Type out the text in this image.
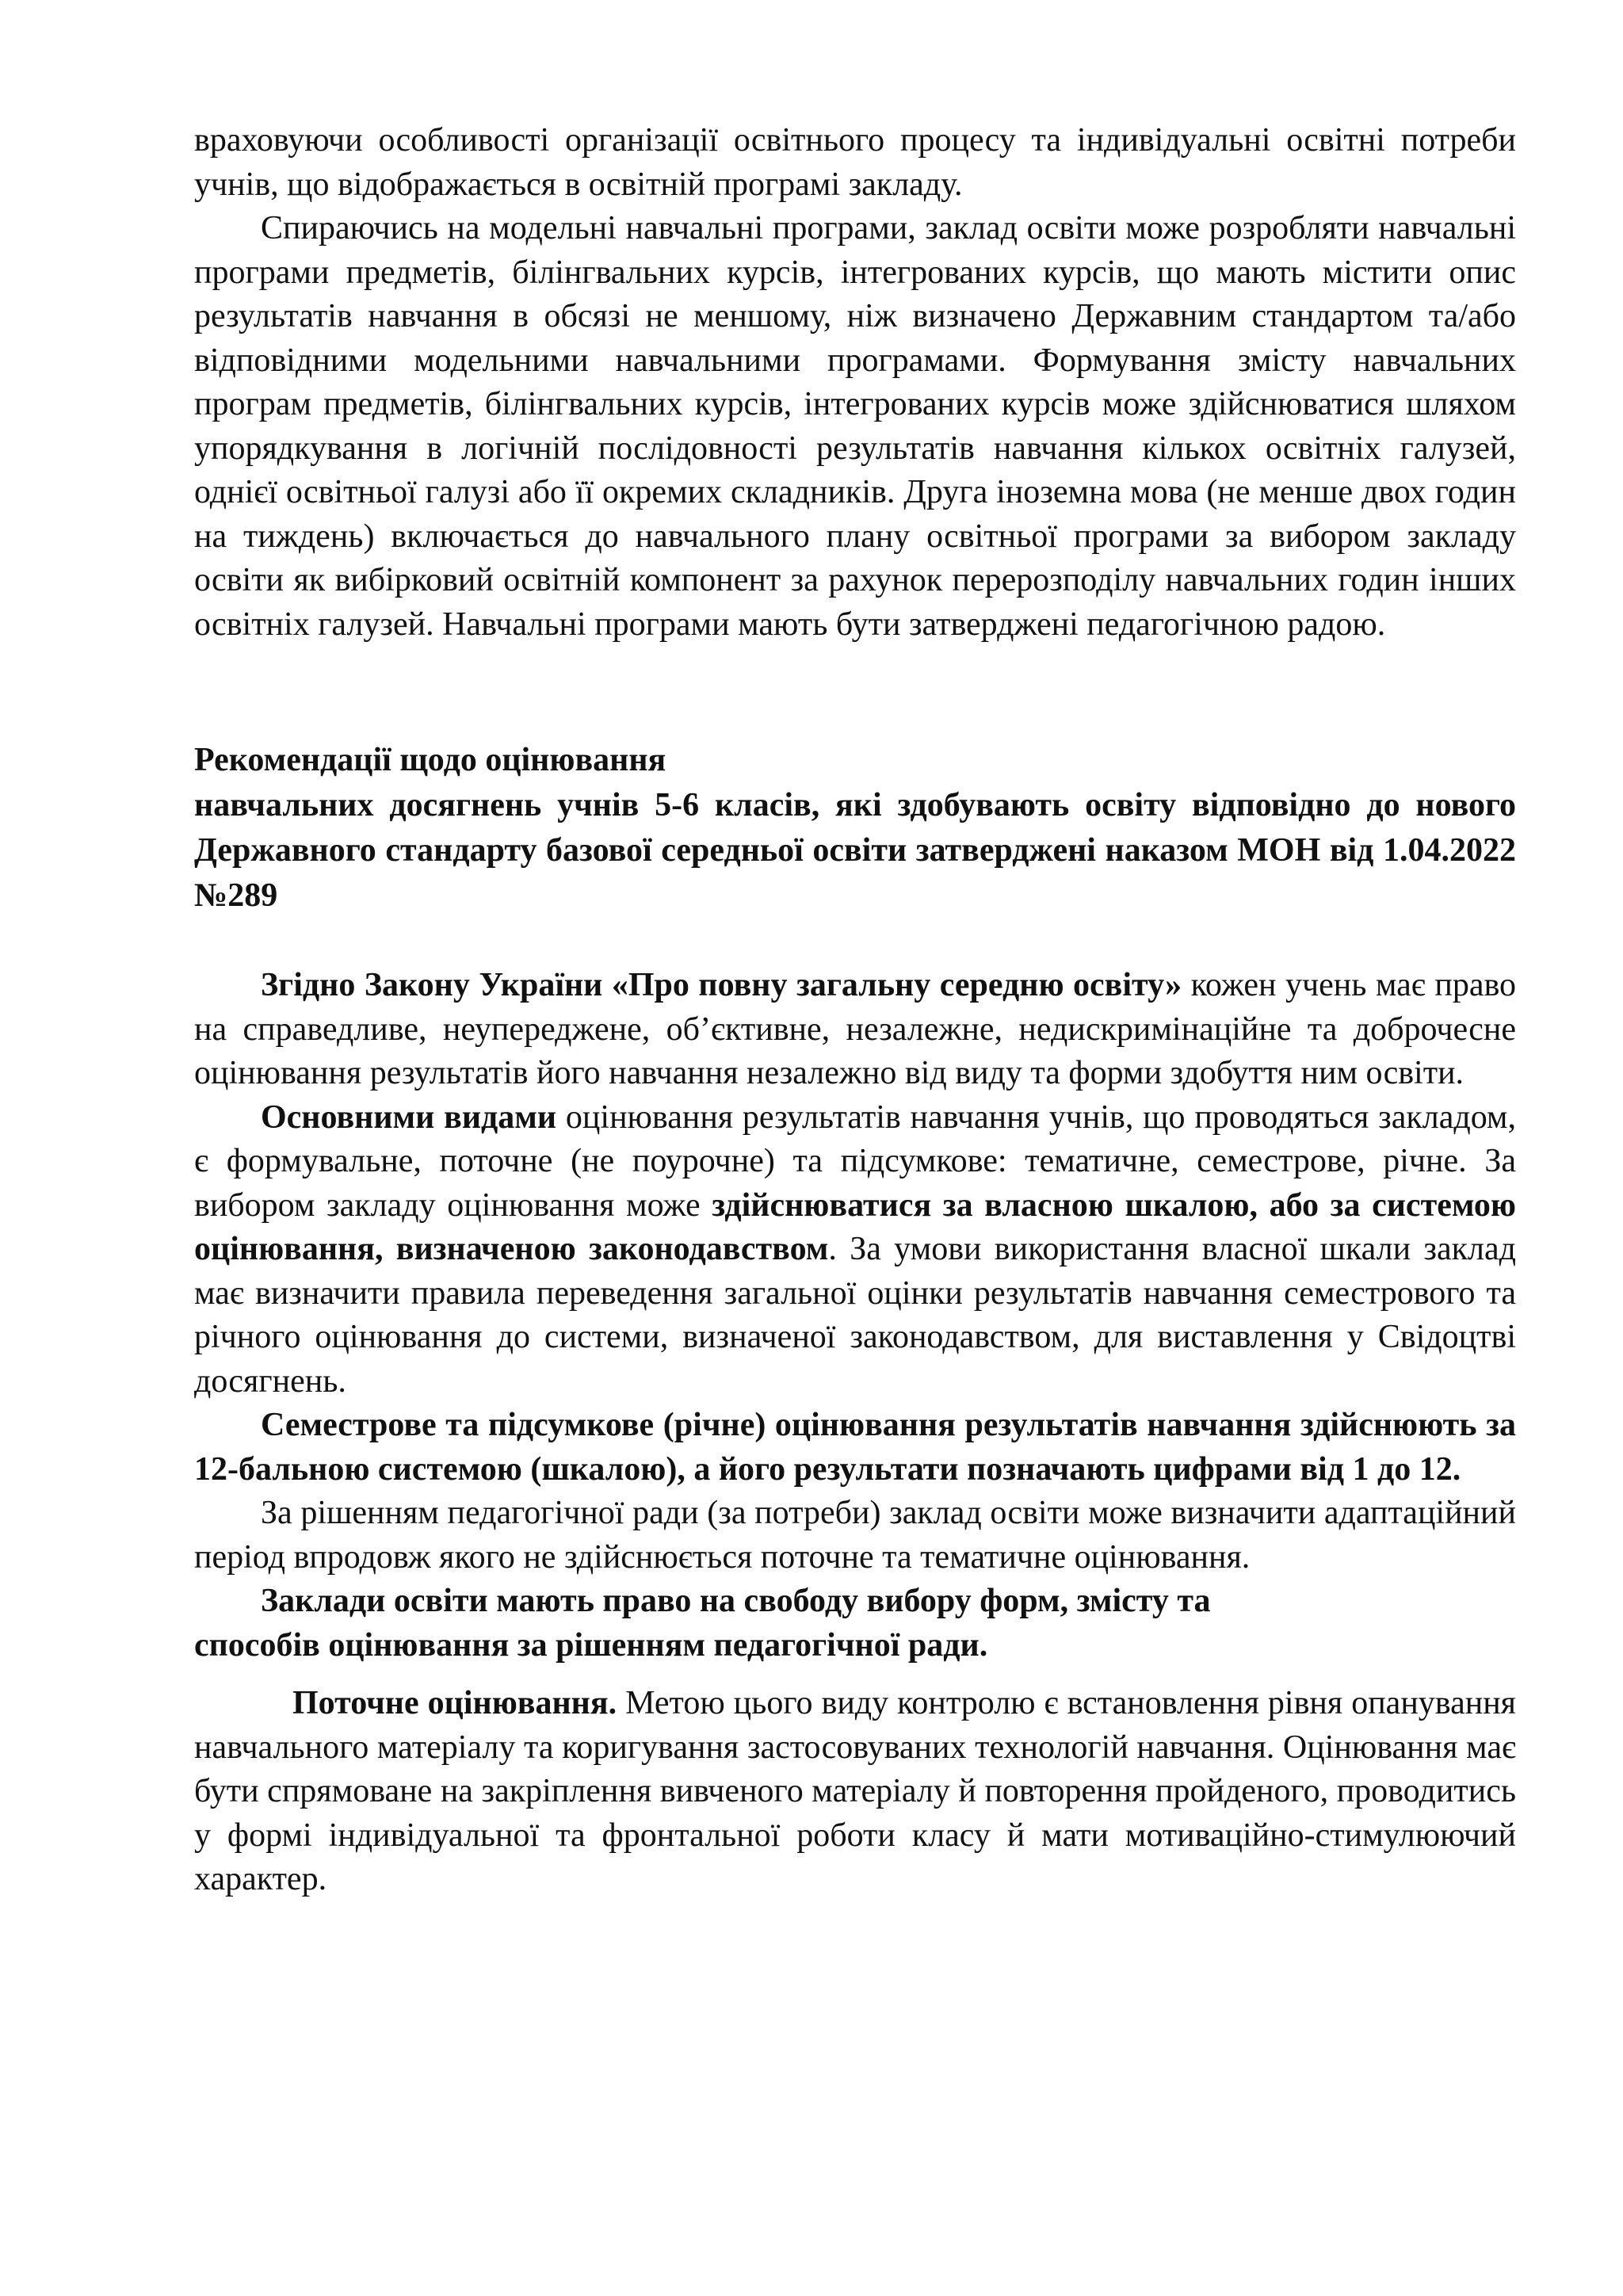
враховуючи особливості організації освітнього процесу та індивідуальні освітні потреби учнів, що відображається в освітній програмі закладу.

Спираючись на модельні навчальні програми, заклад освіти може розробляти навчальні програми предметів, білінгвальних курсів, інтегрованих курсів, що мають містити опис результатів навчання в обсязі не меншому, ніж визначено Державним стандартом та/або відповідними модельними навчальними програмами. Формування змісту навчальних програм предметів, білінгвальних курсів, інтегрованих курсів може здійснюватися шляхом упорядкування в логічній послідовності результатів навчання кількох освітніх галузей, однієї освітньої галузі або її окремих складників. Друга іноземна мова (не менше двох годин на тиждень) включається до навчального плану освітньої програми за вибором закладу освіти як вибірковий освітній компонент за рахунок перерозподілу навчальних годин інших освітніх галузей. Навчальні програми мають бути затверджені педагогічною радою.

Рекомендації щодо оцінювання

навчальних досягнень учнів 5-6 класів, які здобувають освіту відповідно до нового Державного стандарту базової середньої освіти затверджені наказом МОН від 1.04.2022 №289

Згідно Закону України «Про повну загальну середню освіту» кожен учень має право на справедливе, неупереджене, об’єктивне, незалежне, недискримінаційне та доброчесне оцінювання результатів його навчання незалежно від виду та форми здобуття ним освіти.

Основними видами оцінювання результатів навчання учнів, що проводяться закладом, є формувальне, поточне (не поурочне) та підсумкове: тематичне, семестрове, річне. За вибором закладу оцінювання може здійснюватися за власною шкалою, або за системою оцінювання, визначеною законодавством. За умови використання власної шкали заклад має визначити правила переведення загальної оцінки результатів навчання семестрового та річного оцінювання до системи, визначеної законодавством, для виставлення у Свідоцтві досягнень.

Семестрове та підсумкове (річне) оцінювання результатів навчання здійснюють за 12-бальною системою (шкалою), а його результати позначають цифрами від 1 до 12.

За рішенням педагогічної ради (за потреби) заклад освіти може визначити адаптаційний період впродовж якого не здійснюється поточне та тематичне оцінювання.

Заклади освіти мають право на свободу вибору форм, змісту та
способів оцінювання за рішенням педагогічної ради.

Поточне оцінювання. Метою цього виду контролю є встановлення рівня опанування навчального матеріалу та коригування застосовуваних технологій навчання. Оцінювання має бути спрямоване на закріплення вивченого матеріалу й повторення пройденого, проводитись у формі індивідуальної та фронтальної роботи класу й мати мотиваційно-стимулюючий характер.
